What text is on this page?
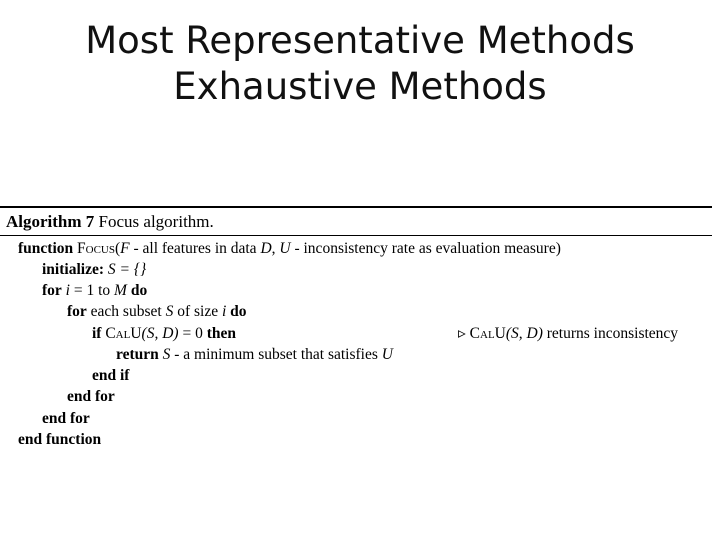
Most Representative Methods
Exhaustive Methods
Algorithm 7 Focus algorithm.
function Focus(F - all features in data D, U - inconsistency rate as evaluation measure)
initialize: S = {}
for i = 1 to M do
for each subset S of size i do
if CalU(S, D) = 0 then	▹ CalU(S, D) returns inconsistency
return S - a minimum subset that satisfies U
end if
end for
end for
end function
